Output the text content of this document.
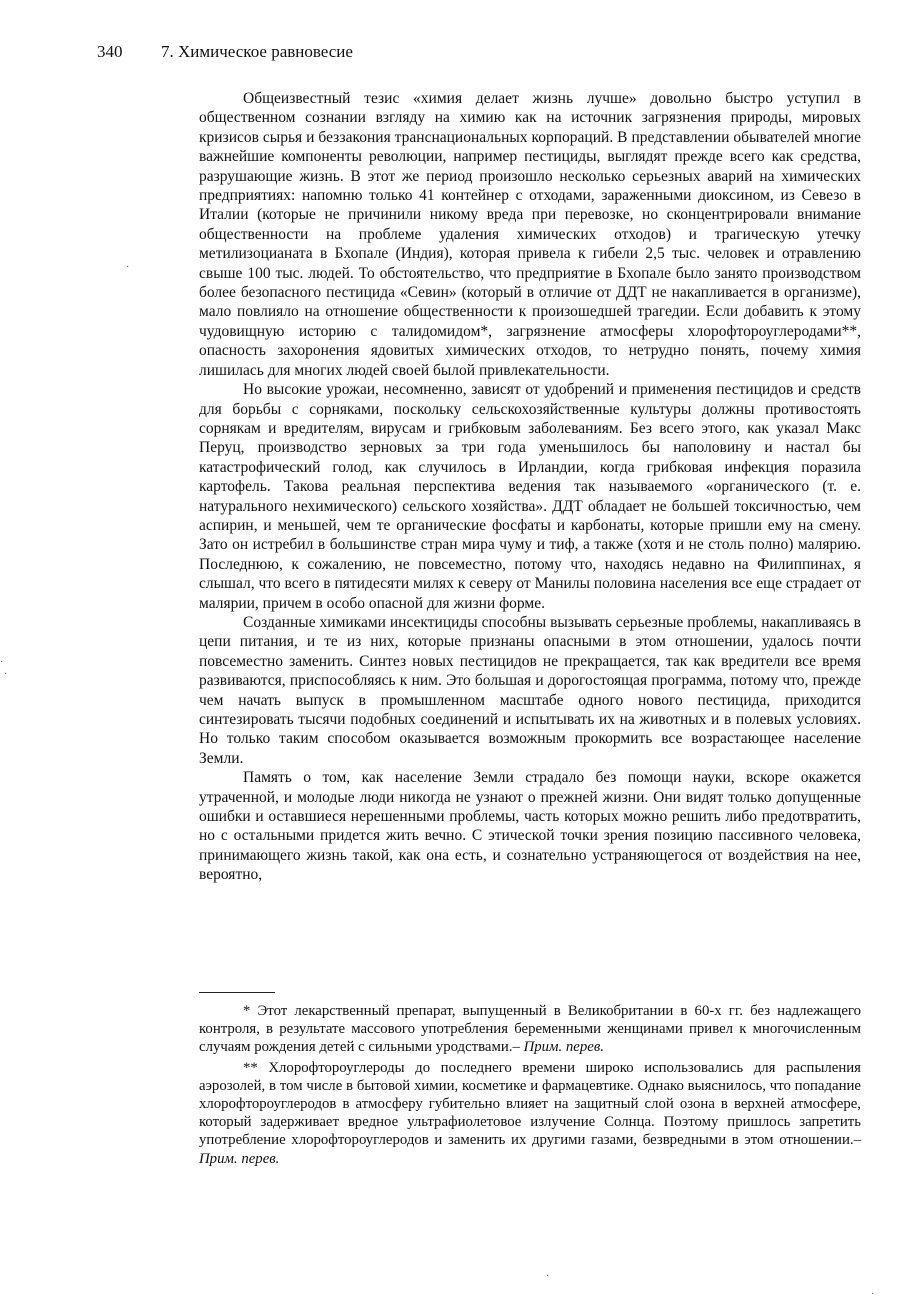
340 7. Химическое равновесие

Общеизвестный тезис «химия делает жизнь лучше» довольно быстро уступил в общественном сознании взгляду на химию как на источник загрязнения природы, мировых кризисов сырья и беззакония транснациональных корпораций. В представлении обывателей многие важнейшие компоненты революции, например пестициды, выглядят прежде всего как средства, разрушающие жизнь. В этот же период произошло несколько серьезных аварий на химических предприятиях: напомню только 41 контейнер с отходами, зараженными диоксином, из Севезо в Италии (которые не причинили никому вреда при перевозке, но сконцентрировали внимание общественности на проблеме удаления химических отходов) и трагическую утечку метилизоцианата в Бхопале (Индия), которая привела к гибели 2,5 тыс. человек и отравлению свыше 100 тыс. людей. То обстоятельство, что предприятие в Бхопале было занято производством более безопасного пестицида «Севин» (который в отличие от ДДТ не накапливается в организме), мало повлияло на отношение общественности к произошедшей трагедии. Если добавить к этому чудовищную историю с талидомидом*, загрязнение атмосферы хлорофтороуглеродами**, опасность захоронения ядовитых химических отходов, то нетрудно понять, почему химия лишилась для многих людей своей былой привлекательности.

Но высокие урожаи, несомненно, зависят от удобрений и применения пестицидов и средств для борьбы с сорняками, поскольку сельскохозяйственные культуры должны противостоять сорнякам и вредителям, вирусам и грибковым заболеваниям. Без всего этого, как указал Макс Перуц, производство зерновых за три года уменьшилось бы наполовину и настал бы катастрофический голод, как случилось в Ирландии, когда грибковая инфекция поразила картофель. Такова реальная перспектива ведения так называемого «органического (т. е. натурального нехимического) сельского хозяйства». ДДТ обладает не большей токсичностью, чем аспирин, и меньшей, чем те органические фосфаты и карбонаты, которые пришли ему на смену. Зато он истребил в большинстве стран мира чуму и тиф, а также (хотя и не столь полно) малярию. Последнюю, к сожалению, не повсеместно, потому что, находясь недавно на Филиппинах, я слышал, что всего в пятидесяти милях к северу от Манилы половина населения все еще страдает от малярии, причем в особо опасной для жизни форме.

Созданные химиками инсектициды способны вызывать серьезные проблемы, накапливаясь в цепи питания, и те из них, которые признаны опасными в этом отношении, удалось почти повсеместно заменить. Синтез новых пестицидов не прекращается, так как вредители все время развиваются, приспособляясь к ним. Это большая и дорогостоящая программа, потому что, прежде чем начать выпуск в промышленном масштабе одного нового пестицида, приходится синтезировать тысячи подобных соединений и испытывать их на животных и в полевых условиях. Но только таким способом оказывается возможным прокормить все возрастающее население Земли.

Память о том, как население Земли страдало без помощи науки, вскоре окажется утраченной, и молодые люди никогда не узнают о прежней жизни. Они видят только допущенные ошибки и оставшиеся нерешенными проблемы, часть которых можно решить либо предотвратить, но с остальными придется жить вечно. С этической точки зрения позицию пассивного человека, принимающего жизнь такой, как она есть, и сознательно устраняющегося от воздействия на нее, вероятно,

* Этот лекарственный препарат, выпущенный в Великобритании в 60-х гг. без надлежащего контроля, в результате массового употребления беременными женщинами привел к многочисленным случаям рождения детей с сильными уродствами.– Прим. перев.

** Хлорофтороуглероды до последнего времени широко использовались для распыления аэрозолей, в том числе в бытовой химии, косметике и фармацевтике. Однако выяснилось, что попадание хлорофтороуглеродов в атмосферу губительно влияет на защитный слой озона в верхней атмосфере, который задерживает вредное ультрафиолетовое излучение Солнца. Поэтому пришлось запретить употребление хлорофтороуглеродов и заменить их другими газами, безвредными в этом отношении.– Прим. перев.

·
·
·
·
·
